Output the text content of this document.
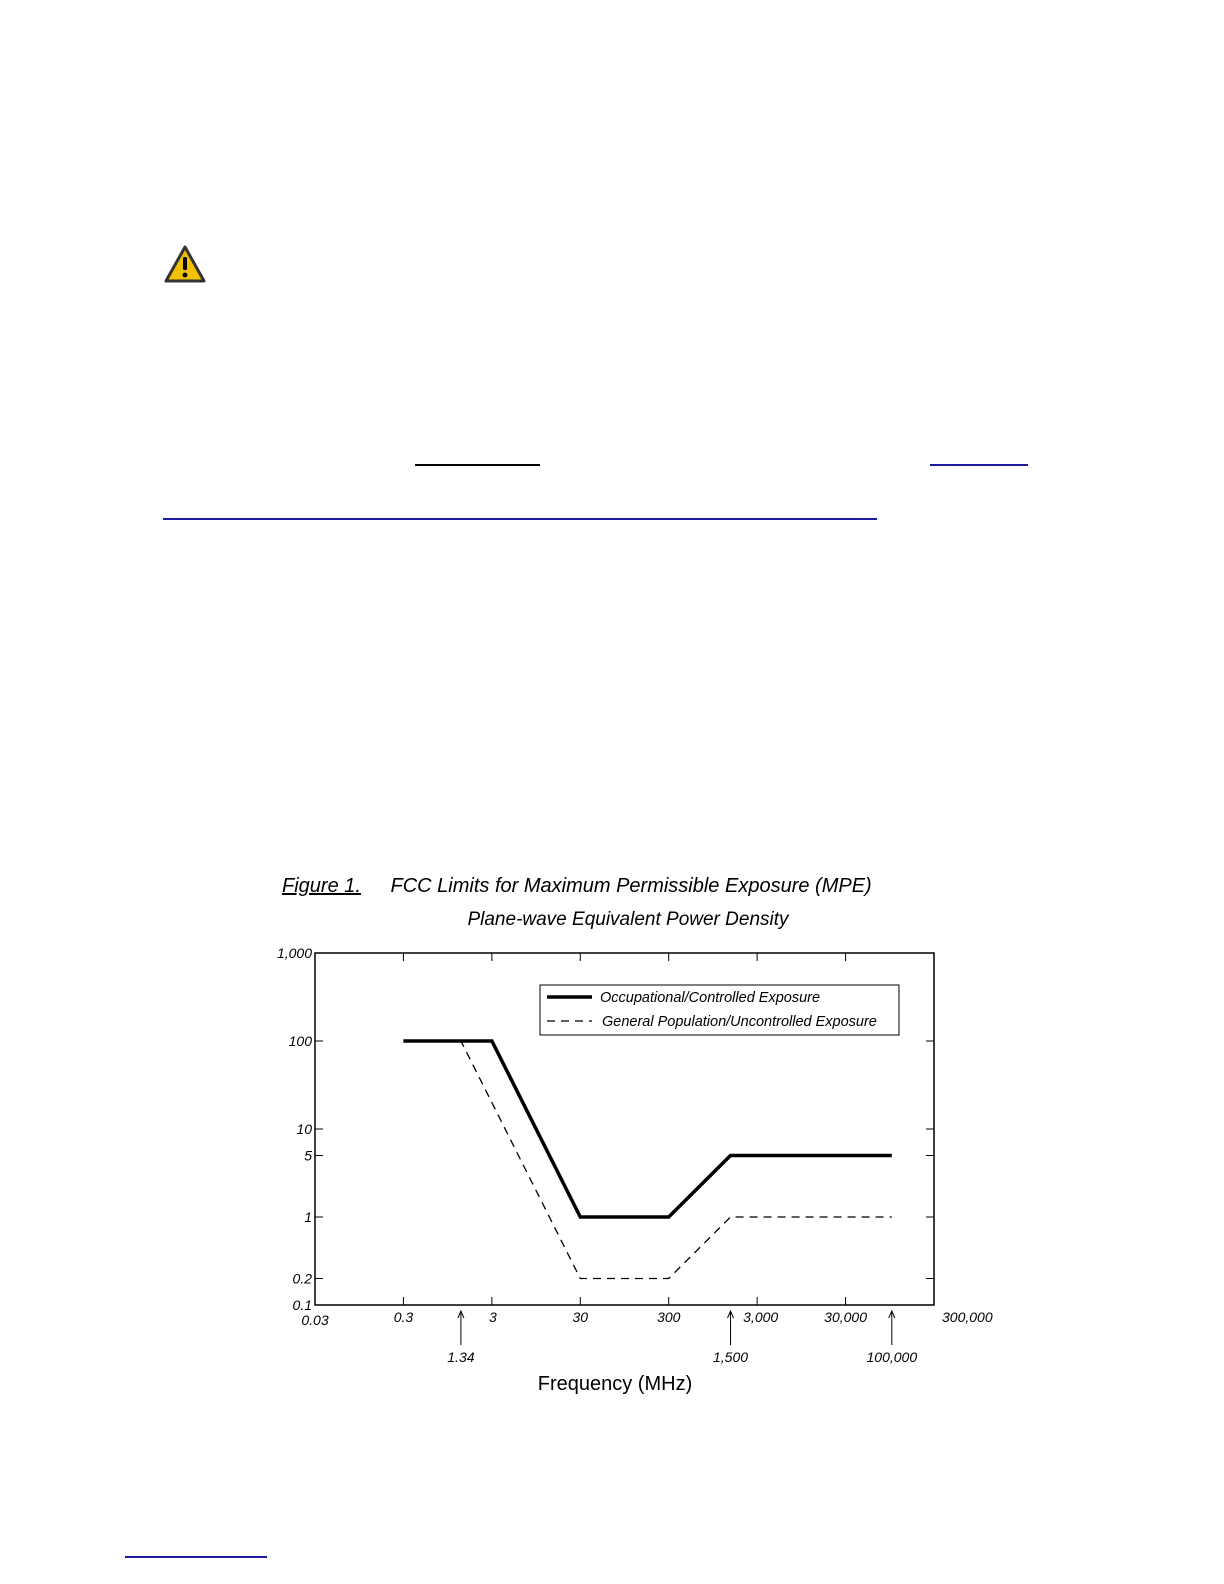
Figure 1. FCC Limits for Maximum Permissible Exposure (MPE)
Plane-wave Equivalent Power Density
0.1
0.2
1
5
10
100
1,000
0.03	0.3	3	30	300	3,000	30,000	300,000
1.34	1,500	100,000
Occupational/Controlled Exposure
General Population/Uncontrolled Exposure
Frequency (MHz)
